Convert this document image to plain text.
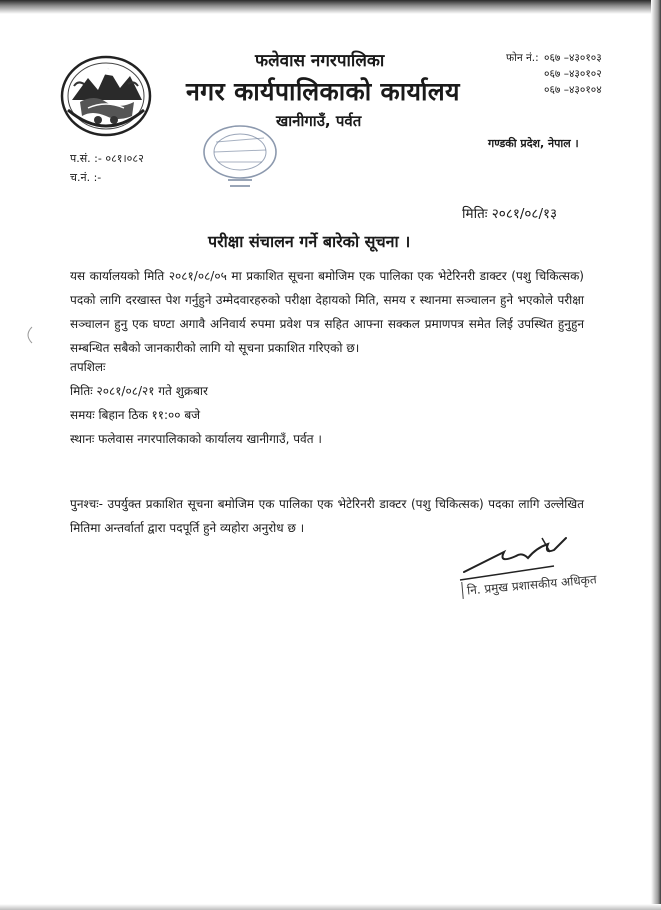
फलेवास नगरपालिका
नगर कार्यपालिकाको कार्यालय
खानीगाउँ, पर्वत
फोन नं.: ०६७ –४३०१०३
०६७ –४३०१०२
०६७ –४३०१०४
गण्डकी प्रदेश, नेपाल ।
प.सं. :- ०८१।०८२
च.नं. :-
मितिः २०८१/०८/१३
परीक्षा संचालन गर्ने बारेको सूचना ।
यस कार्यालयको मिति २०८१/०८/०५ मा प्रकाशित सूचना बमोजिम एक पालिका एक भेटेरिनरी डाक्टर (पशु चिकित्सक) पदको लागि दरखास्त पेश गर्नुहुने उम्मेदवारहरुको परीक्षा देहायको मिति, समय र स्थानमा सञ्चालन हुने भएकोले परीक्षा सञ्चालन हुनु एक घण्टा अगावै अनिवार्य रुपमा प्रवेश पत्र सहित आफ्ना सक्कल प्रमाणपत्र समेत लिई उपस्थित हुनुहुन सम्बन्धित सबैको जानकारीको लागि यो सूचना प्रकाशित गरिएको छ।
तपशिलः
मितिः २०८१/०८/२१ गते शुक्रबार
समयः बिहान ठिक ११:०० बजे
स्थानः फलेवास नगरपालिकाको कार्यालय खानीगाउँ, पर्वत ।
पुनश्चः- उपर्युक्त प्रकाशित सूचना बमोजिम एक पालिका एक भेटेरिनरी डाक्टर (पशु चिकित्सक) पदका लागि उल्लेखित मितिमा अन्तर्वार्ता द्वारा पदपूर्ति हुने व्यहोरा अनुरोध छ ।
नि. प्रमुख प्रशासकीय अधिकृत
